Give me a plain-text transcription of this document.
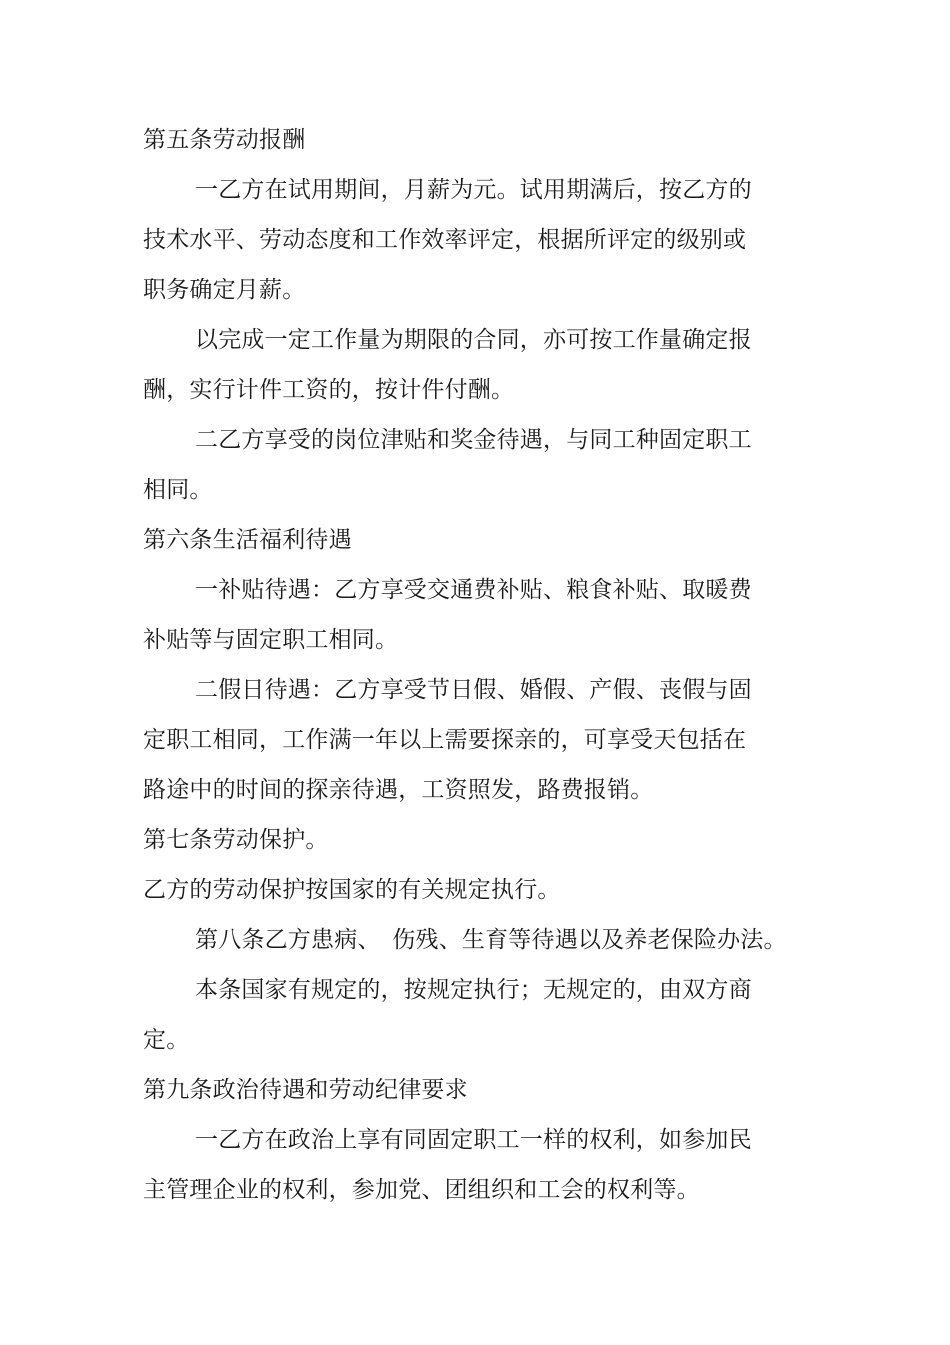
第五条劳动报酬
一乙方在试用期间，月薪为元。试用期满后，按乙方的
技术水平、劳动态度和工作效率评定，根据所评定的级别或
职务确定月薪。
以完成一定工作量为期限的合同，亦可按工作量确定报
酬，实行计件工资的，按计件付酬。
二乙方享受的岗位津贴和奖金待遇，与同工种固定职工
相同。
第六条生活福利待遇
一补贴待遇：乙方享受交通费补贴、粮食补贴、取暖费
补贴等与固定职工相同。
二假日待遇：乙方享受节日假、婚假、产假、丧假与固
定职工相同，工作满一年以上需要探亲的，可享受天包括在
路途中的时间的探亲待遇，工资照发，路费报销。
第七条劳动保护。
乙方的劳动保护按国家的有关规定执行。
第八条乙方患病、　伤残、生育等待遇以及养老保险办法。
本条国家有规定的，按规定执行；无规定的，由双方商
定。
第九条政治待遇和劳动纪律要求
一乙方在政治上享有同固定职工一样的权利，如参加民
主管理企业的权利，参加党、团组织和工会的权利等。
